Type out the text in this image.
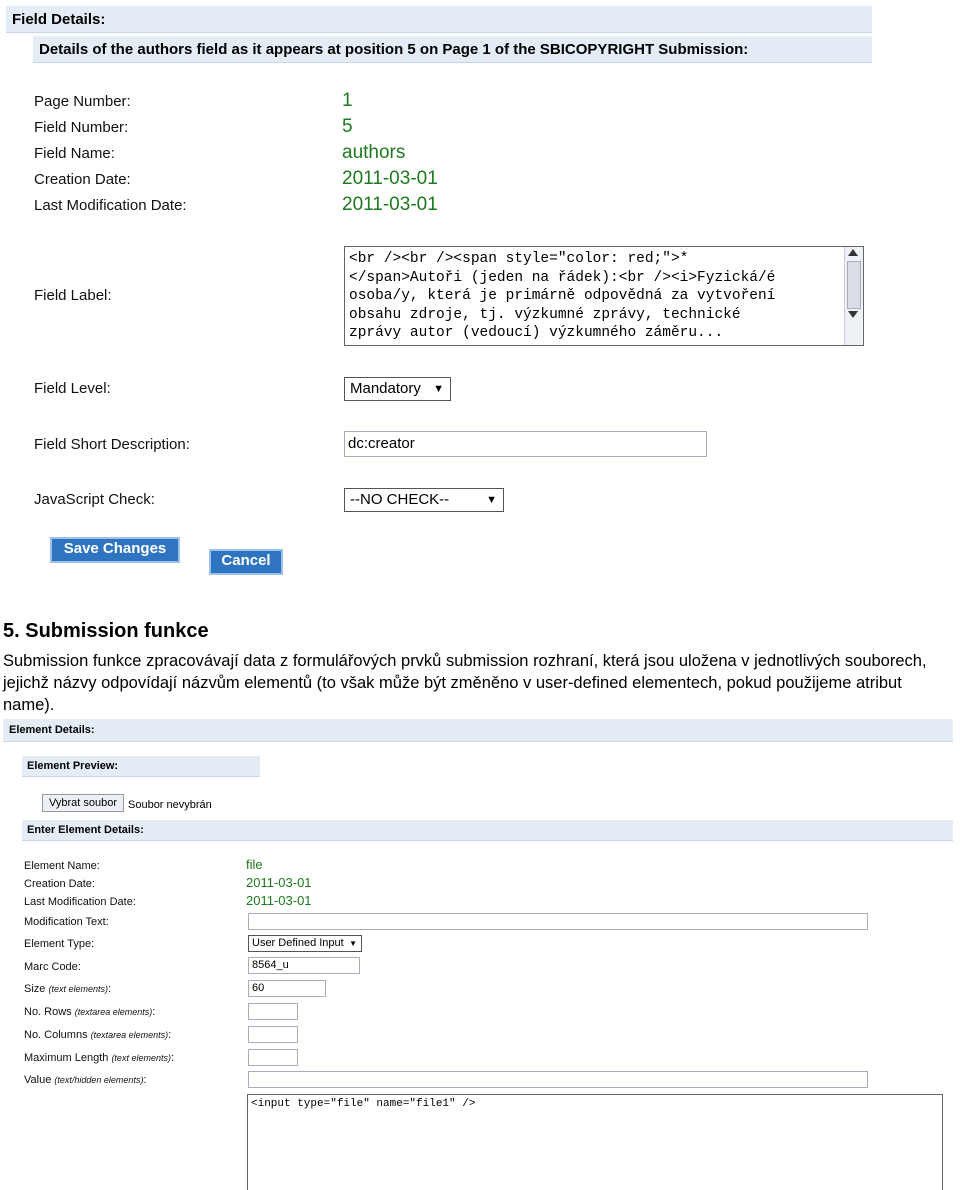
Field Details:
Details of the authors field as it appears at position 5 on Page 1 of the SBICOPYRIGHT Submission:
Page Number:	1
Field Number:	5
Field Name:	authors
Creation Date:	2011-03-01
Last Modification Date:	2011-03-01
Field Label:
<br /><br /><span style="color: red;">*
</span>Autoři (jeden na řádek):<br /><i>Fyzická/é
osoba/y, která je primárně odpovědná za vytvoření
obsahu zdroje, tj. výzkumné zprávy, technické
zprávy autor (vedoucí) výzkumného záměru...
Field Level:	Mandatory ▼
Field Short Description:	dc:creator
JavaScript Check:	--NO CHECK--	▼
Save Changes
Cancel
5. Submission funkce
Submission funkce zpracovávají data z formulářových prvků submission rozhraní, která jsou uložena v jednotlivých souborech, jejichž názvy odpovídají názvům elementů (to však může být změněno v user-defined elementech, pokud použijeme atribut name).
Element Details:
Element Preview:
Vybrat soubor Soubor nevybrán
Enter Element Details:
Element Name:	file
Creation Date:	2011-03-01
Last Modification Date:	2011-03-01
Modification Text:
Element Type:	User Defined Input ▼
Marc Code:	8564_u
Size (text elements):	60
No. Rows (textarea elements):
No. Columns (textarea elements):
Maximum Length (text elements):
Value (text/hidden elements):
<input type="file" name="file1" />
